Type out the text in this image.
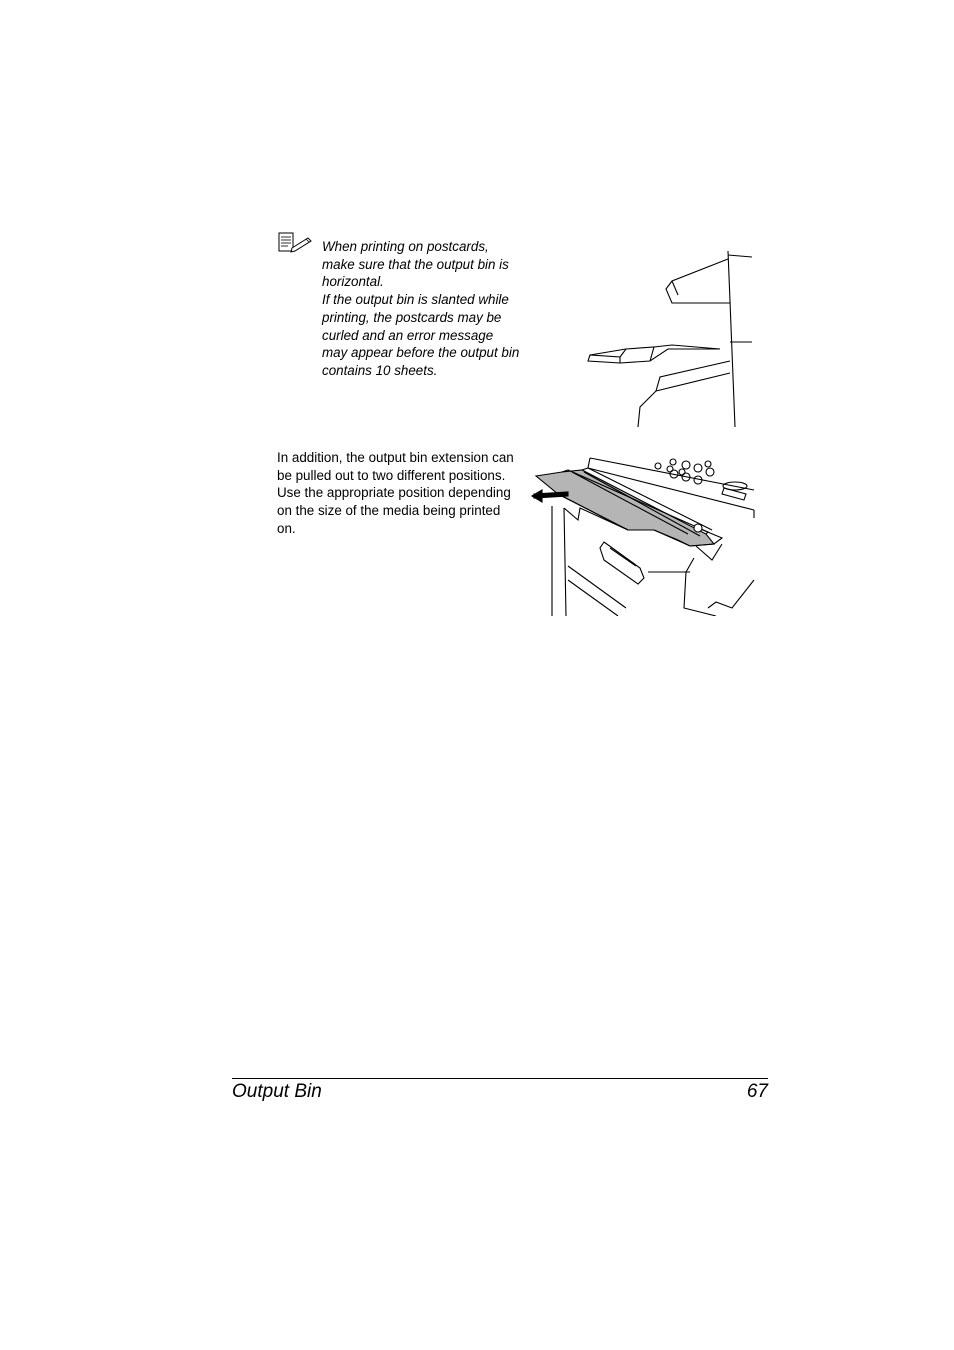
When printing on postcards, make sure that the output bin is horizontal.

If the output bin is slanted while printing, the postcards may be curled and an error message may appear before the output bin contains 10 sheets.

In addition, the output bin extension can be pulled out to two different positions.

Use the appropriate position depending on the size of the media being printed on.

Output Bin	67
